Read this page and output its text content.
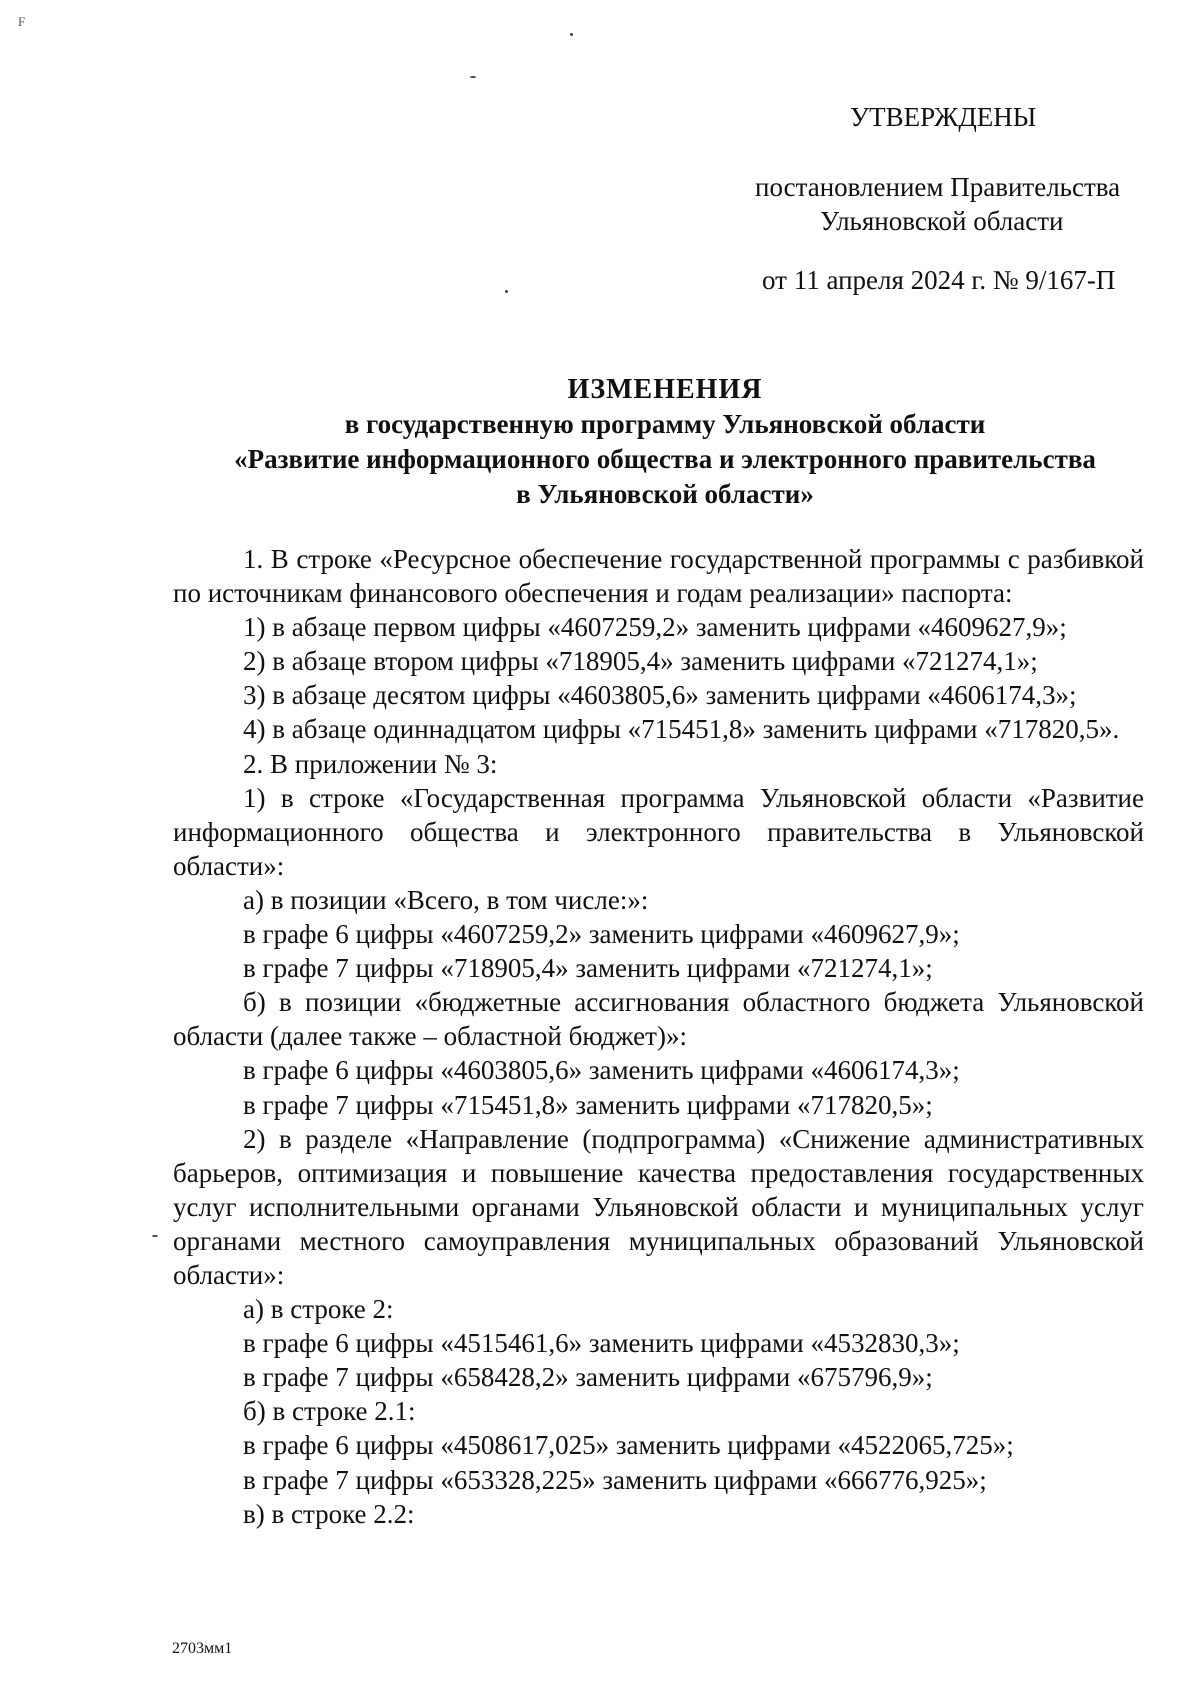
F
УТВЕРЖДЕНЫ
постановлением Правительства
Ульяновской области
от 11 апреля 2024 г. № 9/167-П
ИЗМЕНЕНИЯ
в государственную программу Ульяновской области
«Развитие информационного общества и электронного правительства
в Ульяновской области»

1. В строке «Ресурсное обеспечение государственной программы с разбивкой по источникам финансового обеспечения и годам реализации» паспорта:

1) в абзаце первом цифры «4607259,2» заменить цифрами «4609627,9»;

2) в абзаце втором цифры «718905,4» заменить цифрами «721274,1»;

3) в абзаце десятом цифры «4603805,6» заменить цифрами «4606174,3»;

4) в абзаце одиннадцатом цифры «715451,8» заменить цифрами «717820,5».

2. В приложении № 3:

1) в строке «Государственная программа Ульяновской области «Развитие информационного общества и электронного правительства в Ульяновской области»:

а) в позиции «Всего, в том числе:»:

в графе 6 цифры «4607259,2» заменить цифрами «4609627,9»;

в графе 7 цифры «718905,4» заменить цифрами «721274,1»;

б) в позиции «бюджетные ассигнования областного бюджета Ульяновской области (далее также – областной бюджет)»:

в графе 6 цифры «4603805,6» заменить цифрами «4606174,3»;

в графе 7 цифры «715451,8» заменить цифрами «717820,5»;

2) в разделе «Направление (подпрограмма) «Снижение административных барьеров, оптимизация и повышение качества предоставления государственных услуг исполнительными органами Ульяновской области и муниципальных услуг органами местного самоуправления муниципальных образований Ульяновской области»:

а) в строке 2:

в графе 6 цифры «4515461,6» заменить цифрами «4532830,3»;

в графе 7 цифры «658428,2» заменить цифрами «675796,9»;

б) в строке 2.1:

в графе 6 цифры «4508617,025» заменить цифрами «4522065,725»;

в графе 7 цифры «653328,225» заменить цифрами «666776,925»;

в) в строке 2.2:

2703мм1
